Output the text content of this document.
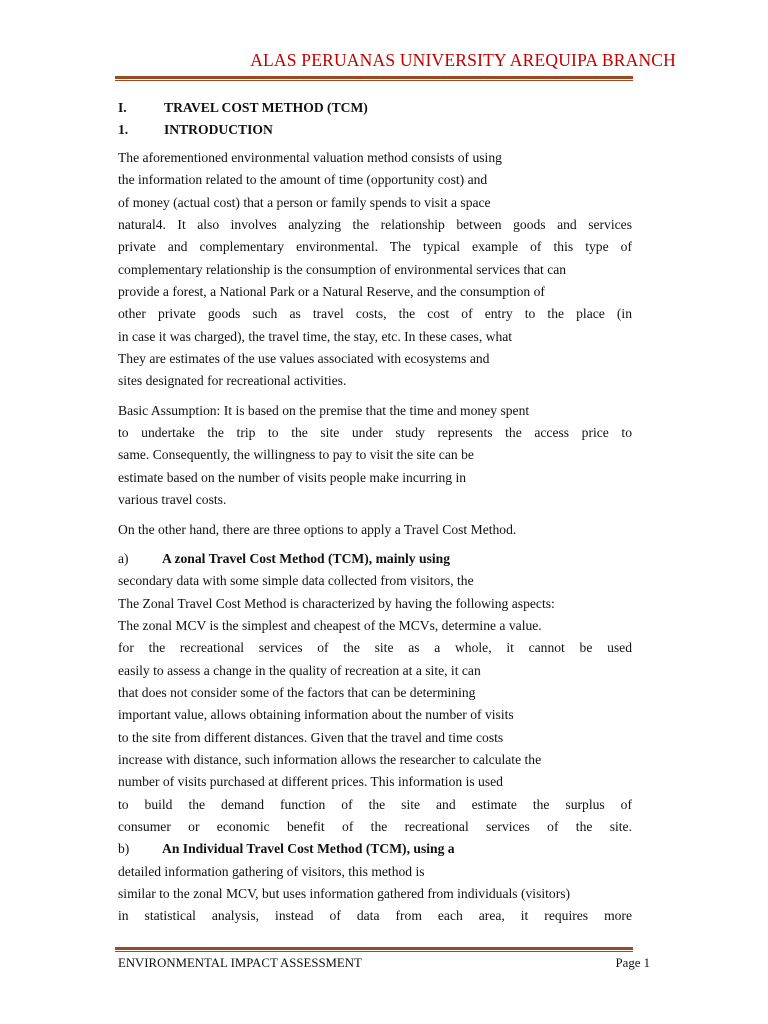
ALAS PERUANAS UNIVERSITY AREQUIPA BRANCH
I.	TRAVEL COST METHOD (TCM)
1.	INTRODUCTION
The aforementioned environmental valuation method consists of using
the information related to the amount of time (opportunity cost) and
of money (actual cost) that a person or family spends to visit a space
natural4. It also involves analyzing the relationship between goods and services
private and complementary environmental. The typical example of this type of
complementary relationship is the consumption of environmental services that can
provide a forest, a National Park or a Natural Reserve, and the consumption of
other private goods such as travel costs, the cost of entry to the place (in
in case it was charged), the travel time, the stay, etc. In these cases, what
They are estimates of the use values associated with ecosystems and
sites designated for recreational activities.
Basic Assumption: It is based on the premise that the time and money spent
to undertake the trip to the site under study represents the access price to
same. Consequently, the willingness to pay to visit the site can be
estimate based on the number of visits people make incurring in
various travel costs.
On the other hand, there are three options to apply a Travel Cost Method.
a) A zonal Travel Cost Method (TCM), mainly using
secondary data with some simple data collected from visitors, the
The Zonal Travel Cost Method is characterized by having the following aspects:
The zonal MCV is the simplest and cheapest of the MCVs, determine a value.
for the recreational services of the site as a whole, it cannot be used
easily to assess a change in the quality of recreation at a site, it can
that does not consider some of the factors that can be determining
important value, allows obtaining information about the number of visits
to the site from different distances. Given that the travel and time costs
increase with distance, such information allows the researcher to calculate the
number of visits purchased at different prices. This information is used
to build the demand function of the site and estimate the surplus of
consumer or economic benefit of the recreational services of the site.
b) An Individual Travel Cost Method (TCM), using a
detailed information gathering of visitors, this method is
similar to the zonal MCV, but uses information gathered from individuals (visitors)
in statistical analysis, instead of data from each area, it requires more
ENVIRONMENTAL IMPACT ASSESSMENT	Page 1
